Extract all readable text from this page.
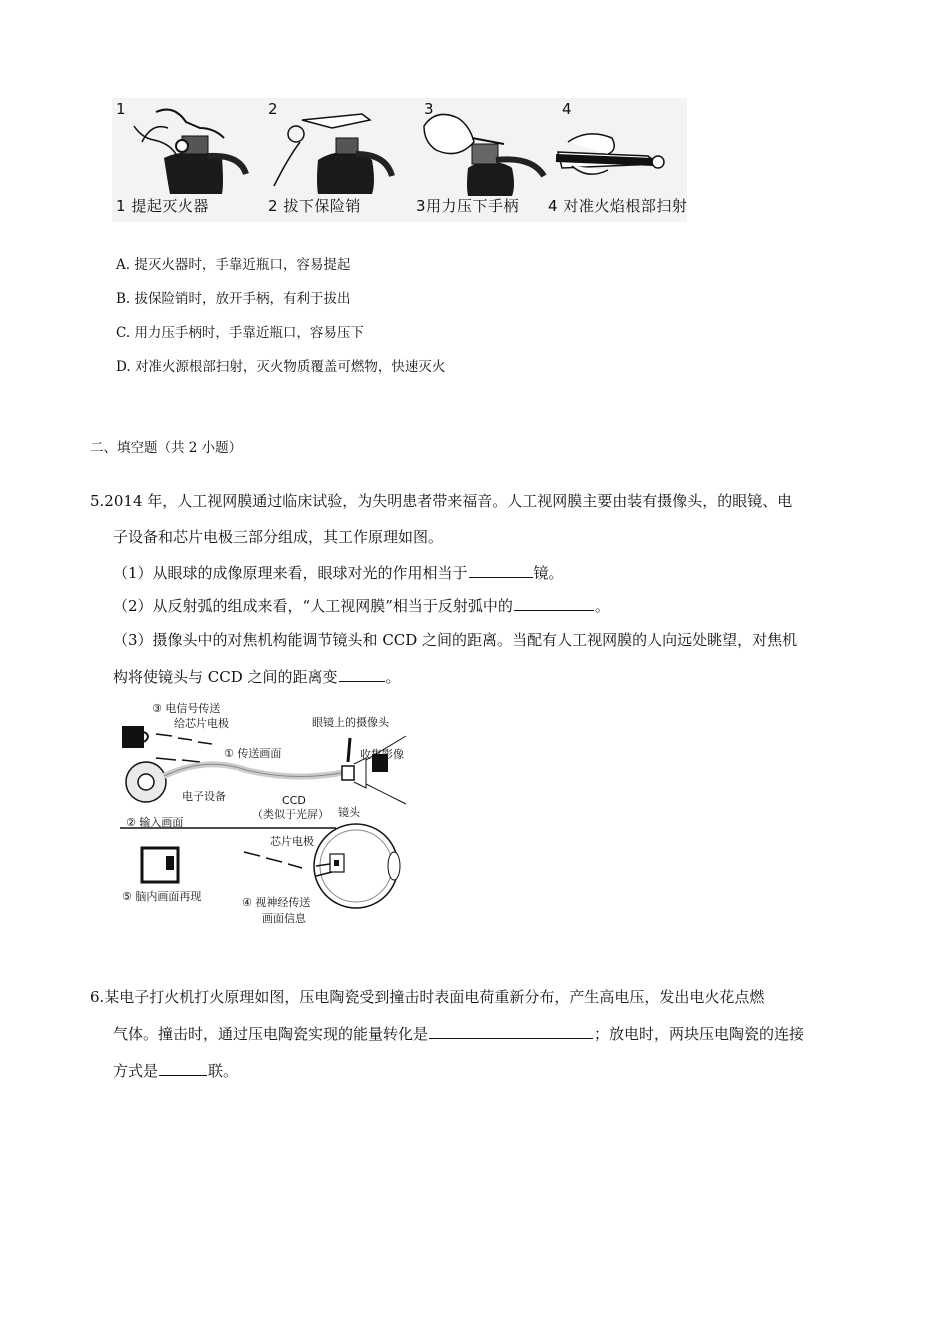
1
1 提起灭火器
2
2 拔下保险销
3
3用力压下手柄
4
4 对准火焰根部扫射
A. 提灭火器时，手靠近瓶口，容易提起
B. 拔保险销时，放开手柄，有利于拔出
C. 用力压手柄时，手靠近瓶口，容易压下
D. 对准火源根部扫射，灭火物质覆盖可燃物，快速灭火
二、填空题（共 2 小题）
5.2014 年，人工视网膜通过临床试验，为失明患者带来福音。人工视网膜主要由装有摄像头，的眼镜、电
子设备和芯片电极三部分组成，其工作原理如图。
（1）从眼球的成像原理来看，眼球对光的作用相当于	镜。
（2）从反射弧的组成来看，“人工视网膜”相当于反射弧中的	。
（3）摄像头中的对焦机构能调节镜头和 CCD 之间的距离。当配有人工视网膜的人向远处眺望，对焦机
构将使镜头与 CCD 之间的距离变	。
③ 电信号传送
给芯片电极	眼镜上的摄像头
① 传送画面	收集影像
电子设备	CCD
（类似于光屏） 镜头
② 输入画面
芯片电极
⑤ 脑内画面再现	④ 视神经传送
画面信息
6.某电子打火机打火原理如图，压电陶瓷受到撞击时表面电荷重新分布，产生高电压，发出电火花点燃
气体。撞击时，通过压电陶瓷实现的能量转化是	；放电时，两块压电陶瓷的连接
方式是	联。
